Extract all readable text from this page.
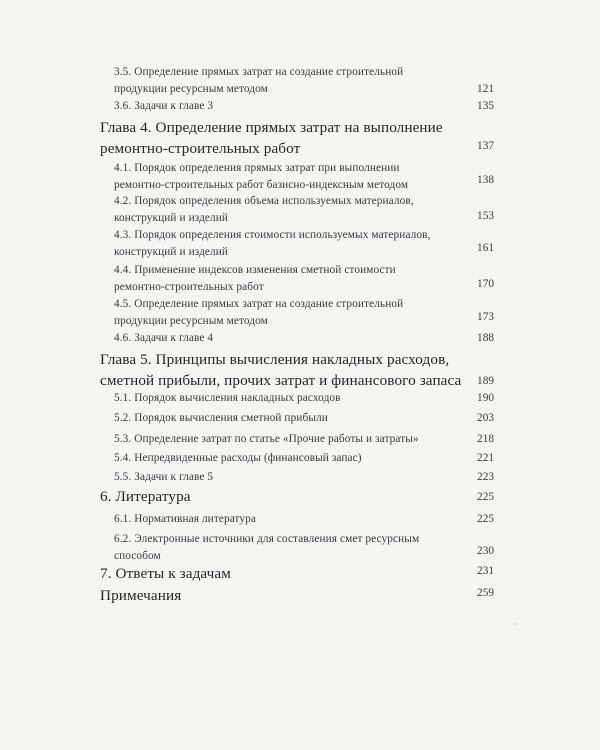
3.5. Определение прямых затрат на создание строительной
продукции ресурсным методом	121
3.6. Задачи к главе 3	135
Глава 4. Определение прямых затрат на выполнение
ремонтно-строительных работ	137
4.1. Порядок определения прямых затрат при выполнении
ремонтно-строительных работ базисно-индексным методом	138
4.2. Порядок определения объема используемых материалов,
конструкций и изделий	153
4.3. Порядок определения стоимости используемых материалов,
конструкций и изделий	161
4.4. Применение индексов изменения сметной стоимости
ремонтно-строительных работ	170
4.5. Определение прямых затрат на создание строительной
продукции ресурсным методом	173
4.6. Задачи к главе 4	188
Глава 5. Принципы вычисления накладных расходов,
сметной прибыли, прочих затрат и финансового запаса	189
5.1. Порядок вычисления накладных расходов	190
5.2. Порядок вычисления сметной прибыли	203
5.3. Определение затрат по статье «Прочие работы и затраты»	218
5.4. Непредвиденные расходы (финансовый запас)	221
5.5. Задачи к главе 5	223
6. Литература	225
6.1. Нормативная литература	225
6.2. Электронные источники для составления смет ресурсным
способом	230
7. Ответы к задачам	231
Примечания	259
